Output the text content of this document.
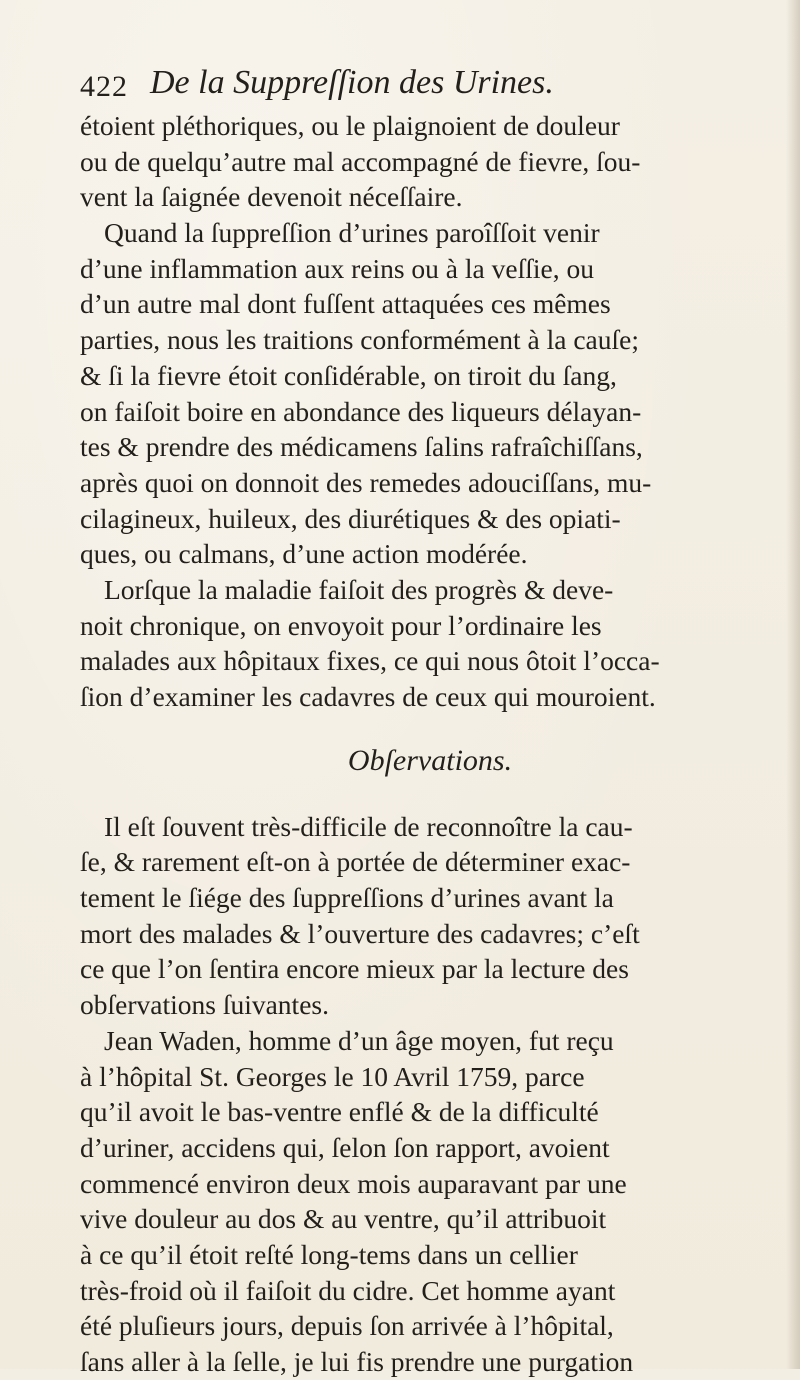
422 De la Suppreſſion des Urines.
étoient pléthoriques, ou le plaignoient de douleur
ou de quelqu’autre mal accompagné de fievre, ſou-
vent la ſaignée devenoit néceſſaire.
Quand la ſuppreſſion d’urines paroîſſoit venir
d’une inflammation aux reins ou à la veſſie, ou
d’un autre mal dont fuſſent attaquées ces mêmes
parties, nous les traitions conformément à la cauſe;
& ſi la fievre étoit conſidérable, on tiroit du ſang,
on faiſoit boire en abondance des liqueurs délayan-
tes & prendre des médicamens ſalins rafraîchiſſans,
après quoi on donnoit des remedes adouciſſans, mu-
cilagineux, huileux, des diurétiques & des opiati-
ques, ou calmans, d’une action modérée.
Lorſque la maladie faiſoit des progrès & deve-
noit chronique, on envoyoit pour l’ordinaire les
malades aux hôpitaux fixes, ce qui nous ôtoit l’occa-
ſion d’examiner les cadavres de ceux qui mouroient.
Obſervations.
Il eſt ſouvent très-difficile de reconnoître la cau-
ſe, & rarement eſt-on à portée de déterminer exac-
tement le ſiége des ſuppreſſions d’urines avant la
mort des malades & l’ouverture des cadavres; c’eſt
ce que l’on ſentira encore mieux par la lecture des
obſervations ſuivantes.
Jean Waden, homme d’un âge moyen, fut reçu
à l’hôpital St. Georges le 10 Avril 1759, parce
qu’il avoit le bas-ventre enflé & de la difficulté
d’uriner, accidens qui, ſelon ſon rapport, avoient
commencé environ deux mois auparavant par une
vive douleur au dos & au ventre, qu’il attribuoit
à ce qu’il étoit reſté long-tems dans un cellier
très-froid où il faiſoit du cidre. Cet homme ayant
été pluſieurs jours, depuis ſon arrivée à l’hôpital,
ſans aller à la ſelle, je lui fis prendre une purgation
